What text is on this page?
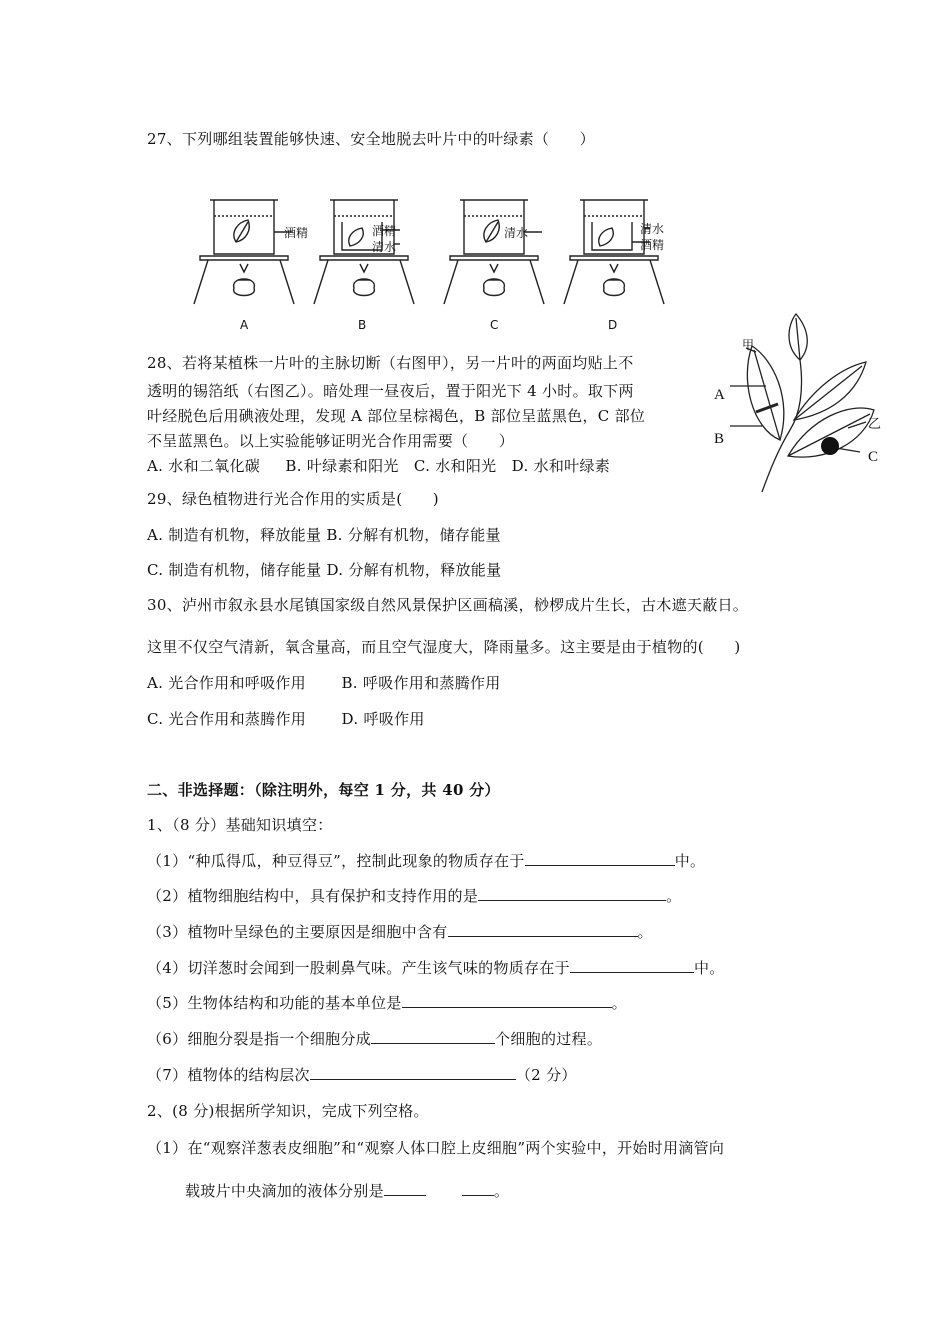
27、下列哪组装置能够快速、安全地脱去叶片中的叶绿素（      ）
酒精	酒精
清水
清水	清水
酒精
A	B	C	D
28、若将某植株一片叶的主脉切断（右图甲），另一片叶的两面均贴上不
透明的锡箔纸（右图乙）。暗处理一昼夜后，置于阳光下 4 小时。取下两
叶经脱色后用碘液处理，发现 A 部位呈棕褐色，B 部位呈蓝黑色，C 部位
不呈蓝黑色。以上实验能够证明光合作用需要（      ）
A. 水和二氧化碳     B. 叶绿素和阳光   C. 水和阳光   D. 水和叶绿素
甲
乙
A
B
C
29、绿色植物进行光合作用的实质是(      )
A. 制造有机物，释放能量 B. 分解有机物，储存能量
C. 制造有机物，储存能量 D. 分解有机物，释放能量
30、泸州市叙永县水尾镇国家级自然风景保护区画稿溪，桫椤成片生长，古木遮天蔽日。
这里不仅空气清新，氧含量高，而且空气湿度大，降雨量多。这主要是由于植物的(      )
A. 光合作用和呼吸作用       B. 呼吸作用和蒸腾作用
C. 光合作用和蒸腾作用       D. 呼吸作用
二、非选择题：（除注明外，每空 1 分，共 40 分）
1、（8 分）基础知识填空：
（1）“种瓜得瓜，种豆得豆”，控制此现象的物质存在于	中。
（2）植物细胞结构中，具有保护和支持作用的是	。
（3）植物叶呈绿色的主要原因是细胞中含有	。
（4）切洋葱时会闻到一股刺鼻气味。产生该气味的物质存在于	中。
（5）生物体结构和功能的基本单位是	。
（6）细胞分裂是指一个细胞分成	个细胞的过程。
（7）植物体的结构层次	（2 分）
2、(8 分)根据所学知识，完成下列空格。
（1）在“观察洋葱表皮细胞”和“观察人体口腔上皮细胞”两个实验中，开始时用滴管向
载玻片中央滴加的液体分别是	。
